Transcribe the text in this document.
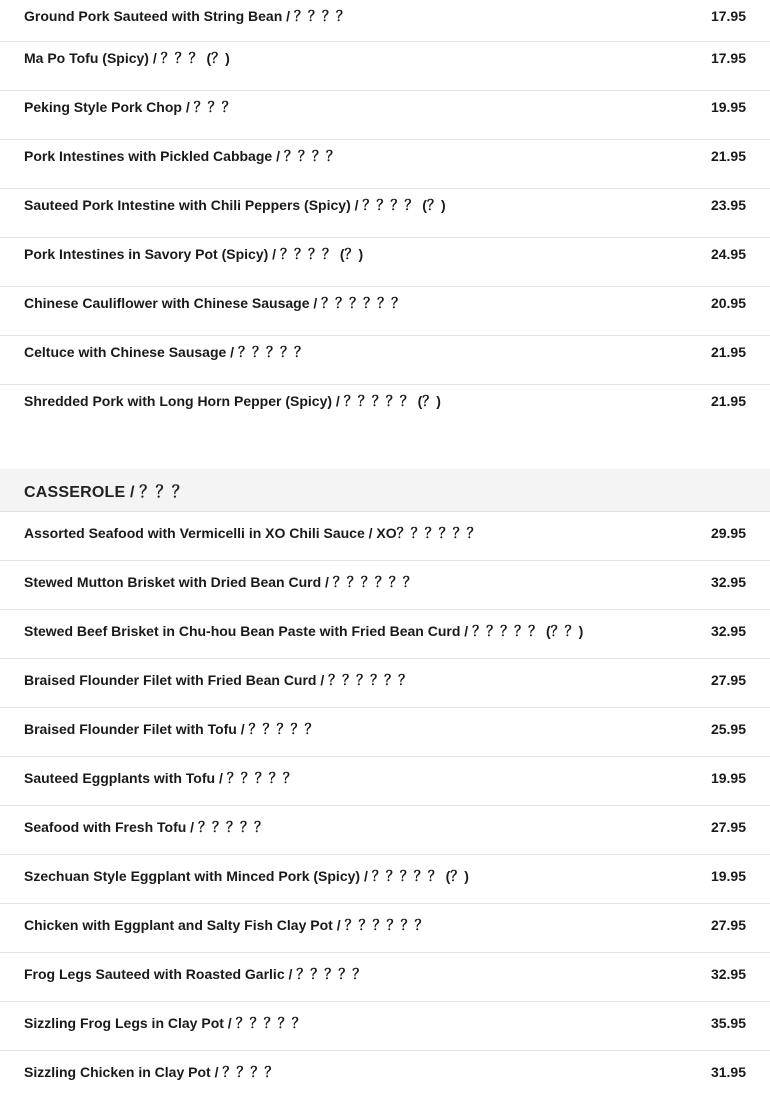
Ground Pork Sauteed with String Bean / ？？？？	17.95
Ma Po Tofu (Spicy) / ？？？ (？)	17.95
Peking Style Pork Chop / ？？？	19.95
Pork Intestines with Pickled Cabbage / ？？？？	21.95
Sauteed Pork Intestine with Chili Peppers (Spicy) / ？？？？ (？)	23.95
Pork Intestines in Savory Pot (Spicy) / ？？？？ (？)	24.95
Chinese Cauliflower with Chinese Sausage / ？？？？？？	20.95
Celtuce with Chinese Sausage / ？？？？？	21.95
Shredded Pork with Long Horn Pepper (Spicy) / ？？？？？ (？)	21.95
CASSEROLE / ？？？
Assorted Seafood with Vermicelli in XO Chili Sauce / XO？？？？？？	29.95
Stewed Mutton Brisket with Dried Bean Curd / ？？？？？？	32.95
Stewed Beef Brisket in Chu-hou Bean Paste with Fried Bean Curd / ？？？？？ (？？)	32.95
Braised Flounder Filet with Fried Bean Curd / ？？？？？？	27.95
Braised Flounder Filet with Tofu / ？？？？？	25.95
Sauteed Eggplants with Tofu / ？？？？？	19.95
Seafood with Fresh Tofu / ？？？？？	27.95
Szechuan Style Eggplant with Minced Pork (Spicy) / ？？？？？ (？)	19.95
Chicken with Eggplant and Salty Fish Clay Pot / ？？？？？？	27.95
Frog Legs Sauteed with Roasted Garlic / ？？？？？	32.95
Sizzling Frog Legs in Clay Pot / ？？？？？	35.95
Sizzling Chicken in Clay Pot / ？？？？	31.95
